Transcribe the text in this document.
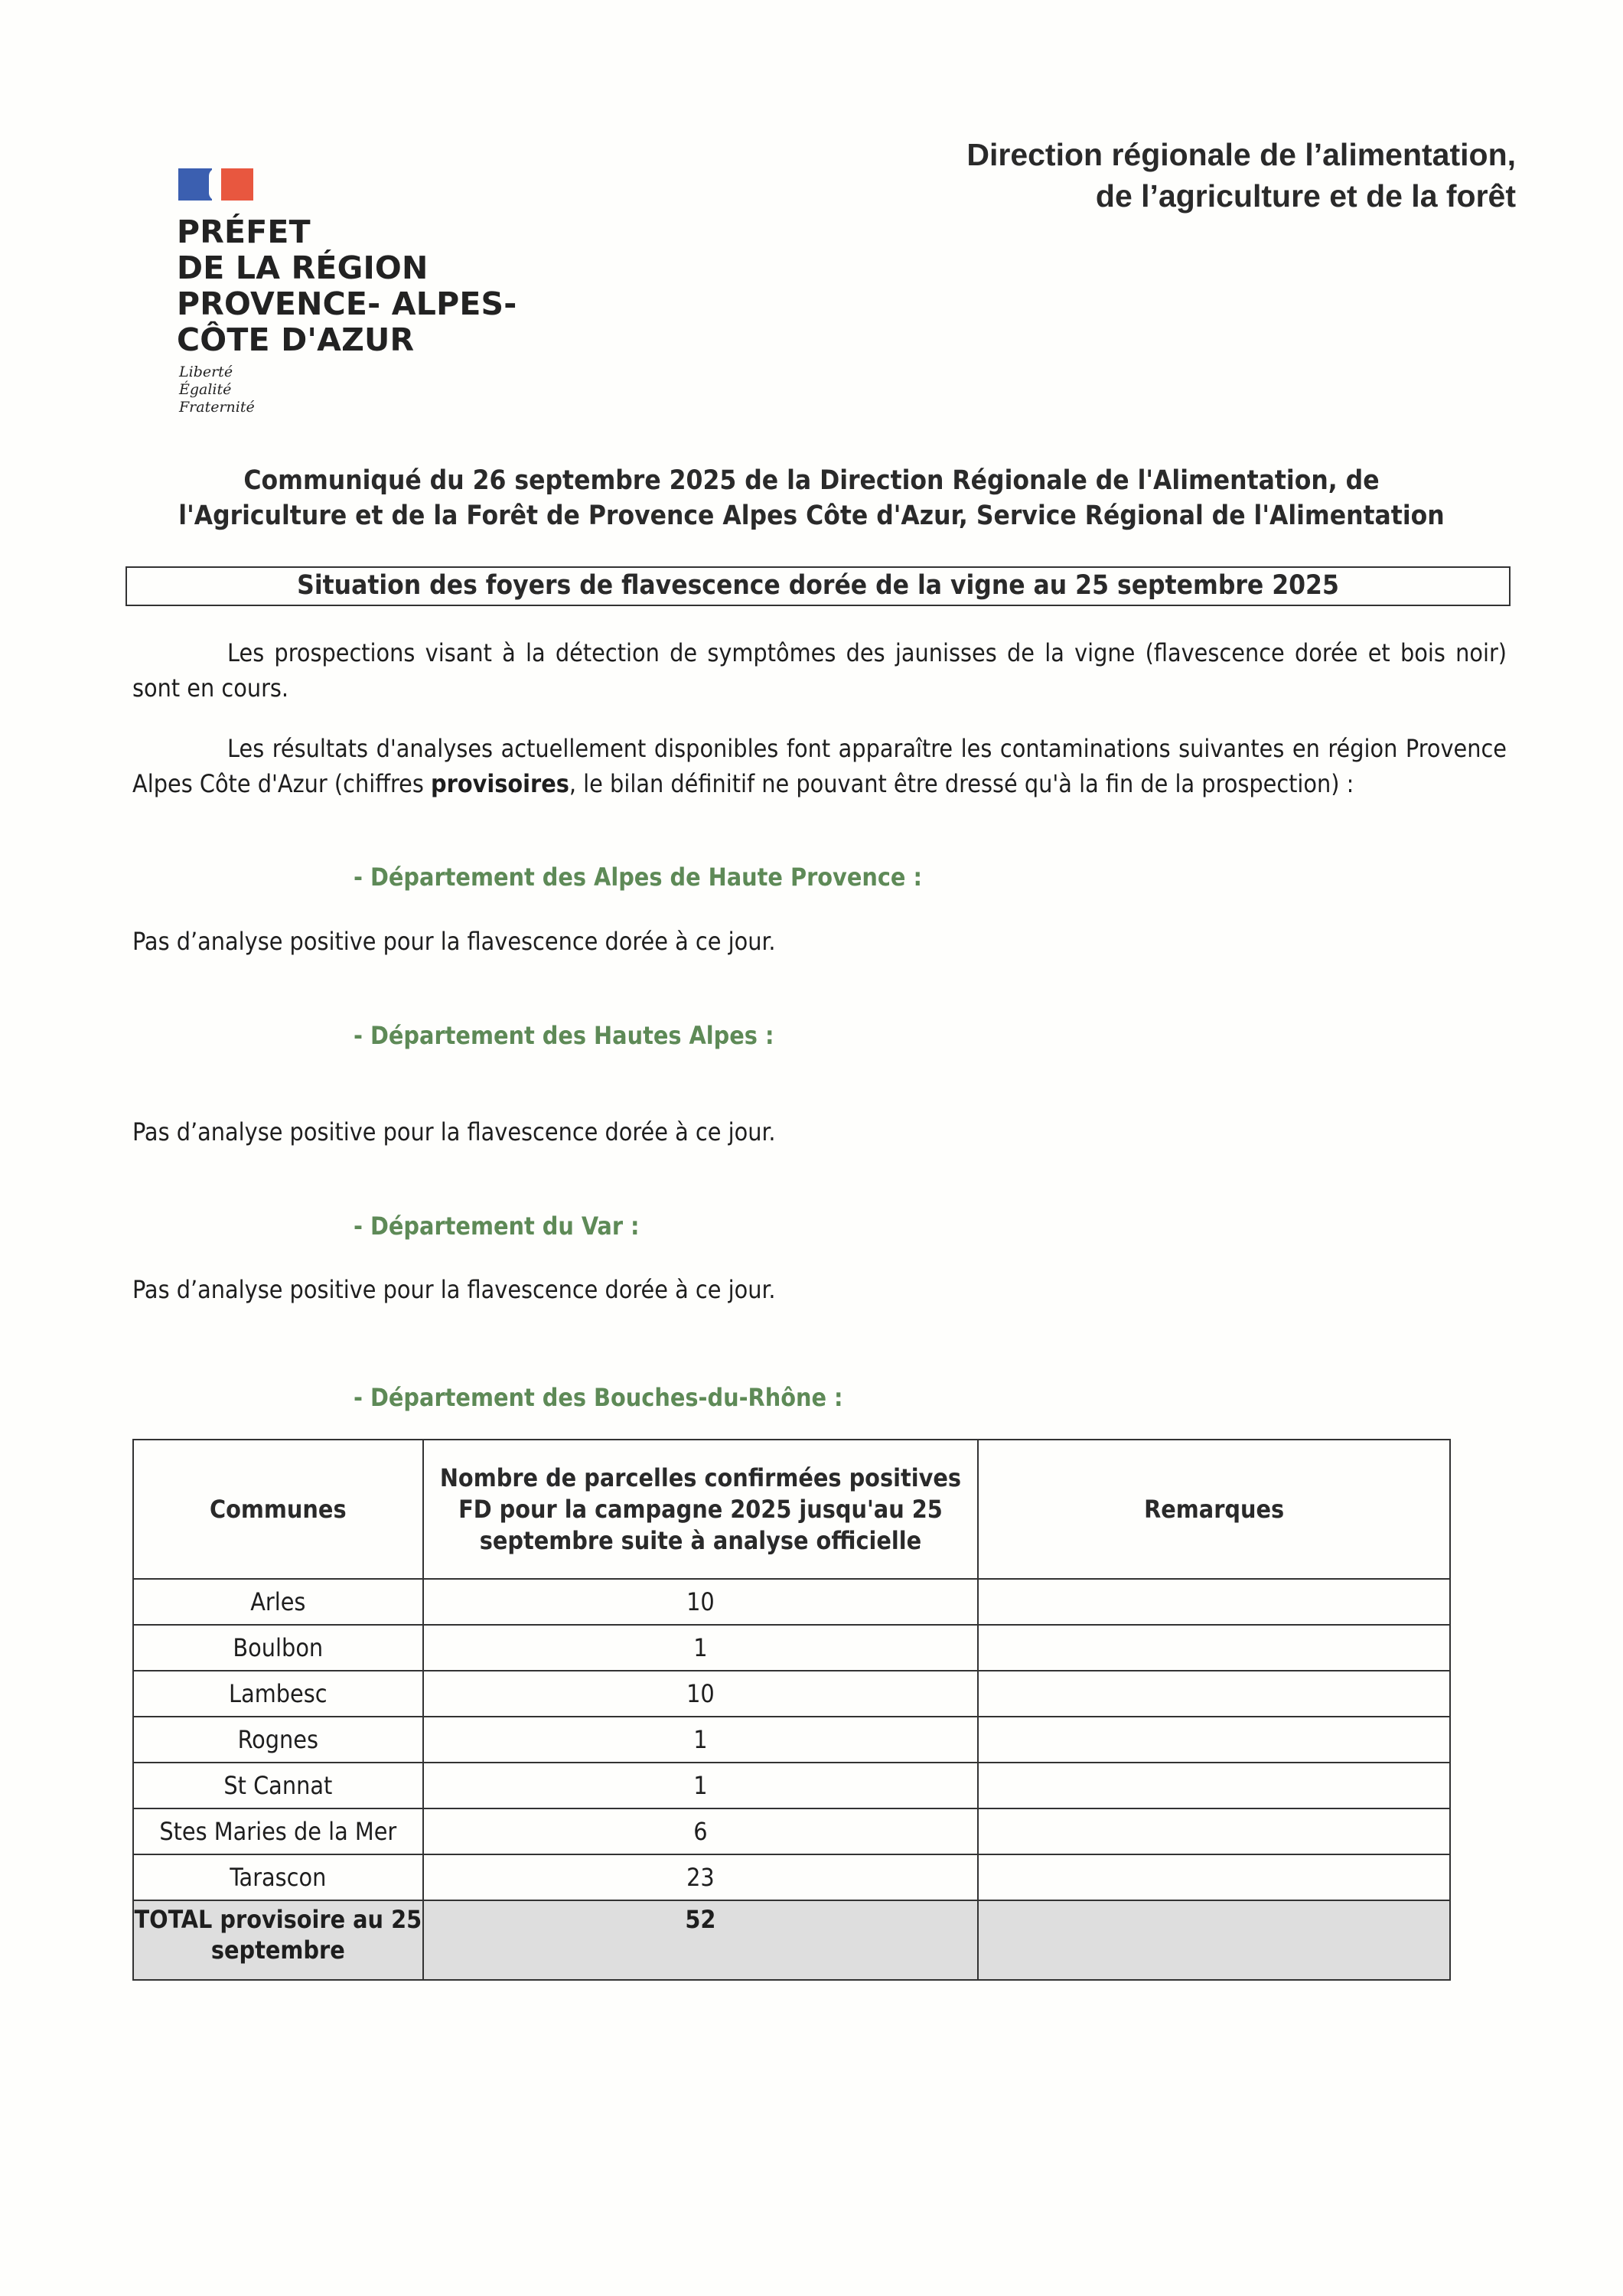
PRÉFET
DE LA RÉGION
PROVENCE- ALPES-
CÔTE D'AZUR
Liberté
Égalité
Fraternité
Direction régionale de l’alimentation,
de l’agriculture et de la forêt
Communiqué du 26 septembre 2025 de la Direction Régionale de l'Alimentation, de
l'Agriculture et de la Forêt de Provence Alpes Côte d'Azur, Service Régional de l'Alimentation
Situation des foyers de flavescence dorée de la vigne au 25 septembre 2025
Les prospections visant à la détection de symptômes des jaunisses de la vigne (flavescence dorée et bois noir) sont en cours.
Les résultats d'analyses actuellement disponibles font apparaître les contaminations suivantes en région Provence Alpes Côte d'Azur (chiffres provisoires, le bilan définitif ne pouvant être dressé qu'à la fin de la prospection) :
- Département des Alpes de Haute Provence :
Pas d’analyse positive pour la flavescence dorée à ce jour.
- Département des Hautes Alpes :
Pas d’analyse positive pour la flavescence dorée à ce jour.
- Département du Var :
Pas d’analyse positive pour la flavescence dorée à ce jour.
- Département des Bouches-du-Rhône :
Communes	Nombre de parcelles confirmées positives FD pour la campagne 2025 jusqu'au 25 septembre suite à analyse officielle	Remarques
Arles	10	
Boulbon	1	
Lambesc	10	
Rognes	1	
St Cannat	1	
Stes Maries de la Mer	6	
Tarascon	23	
TOTAL provisoire au 25 septembre	52	
